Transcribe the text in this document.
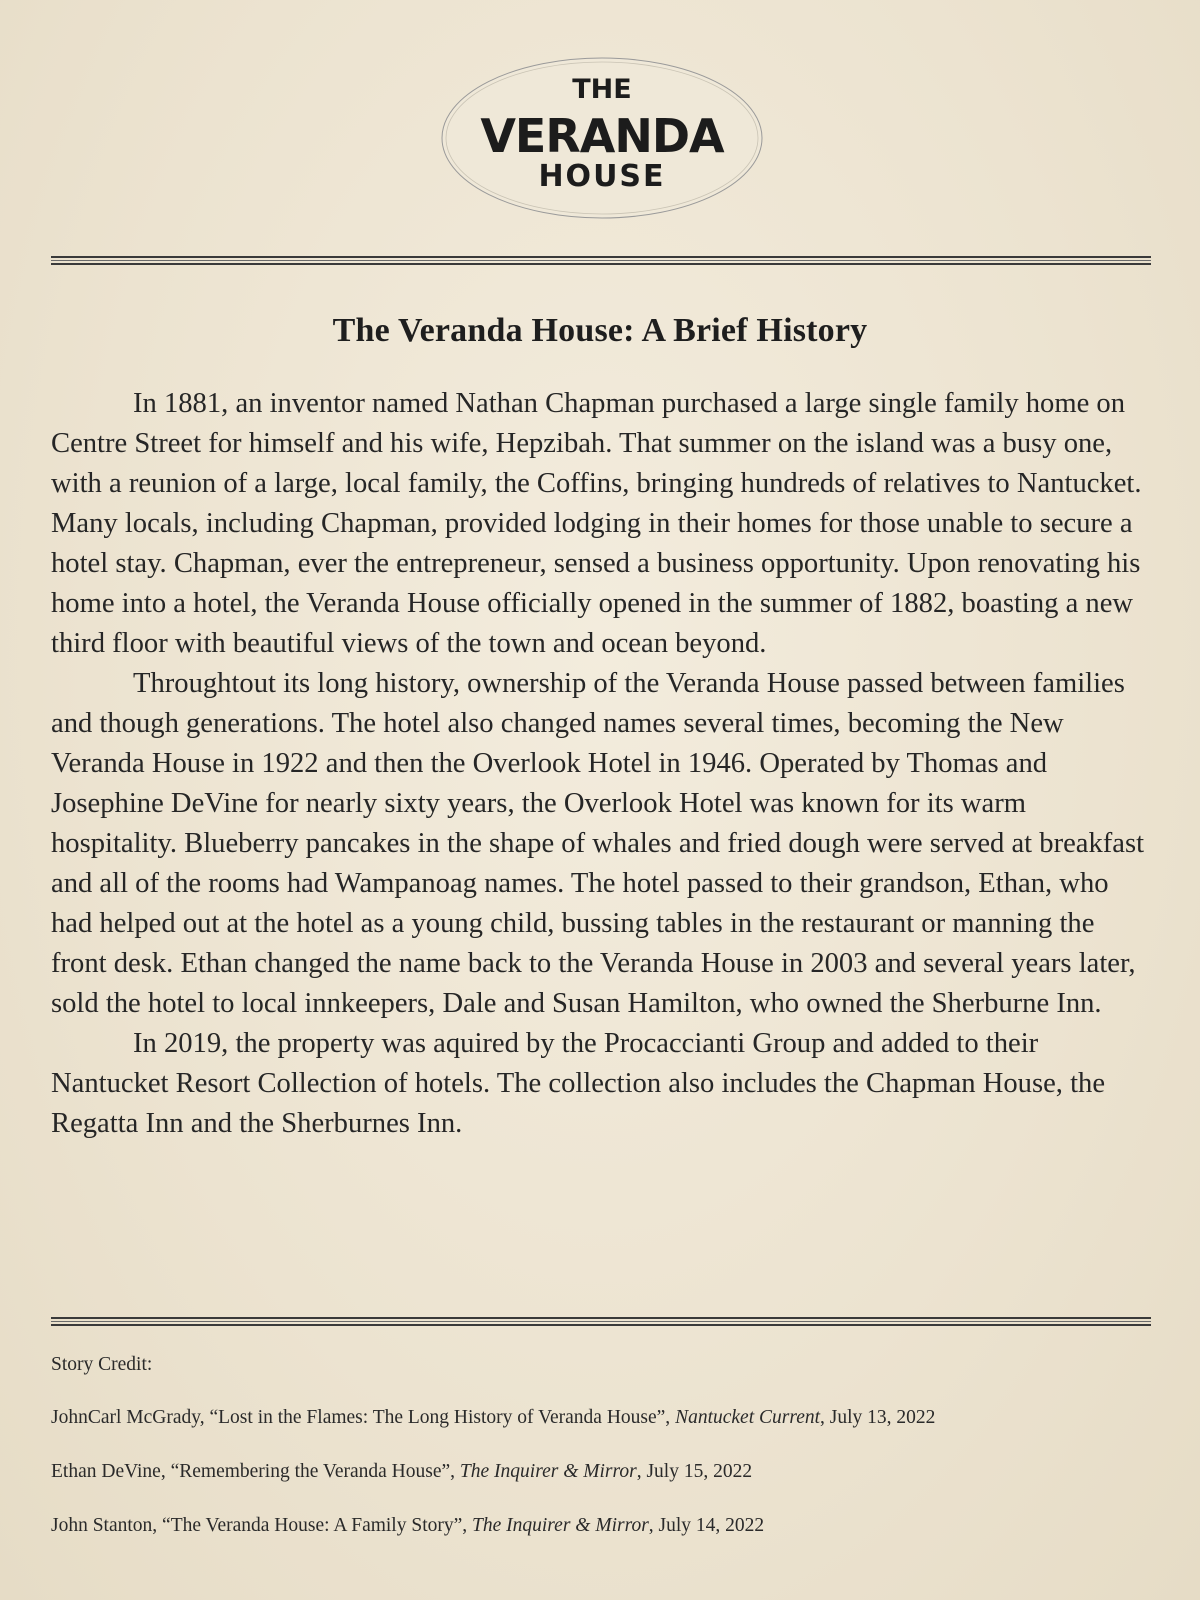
THE
VERANDA
HOUSE
The Veranda House: A Brief History

In 1881, an inventor named Nathan Chapman purchased a large single family home on Centre Street for himself and his wife, Hepzibah. That summer on the island was a busy one, with a reunion of a large, local family, the Coffins, bringing hundreds of relatives to Nantucket. Many locals, including Chapman, provided lodging in their homes for those unable to secure a hotel stay. Chapman, ever the entrepreneur, sensed a business opportunity. Upon renovating his home into a hotel, the Veranda House officially opened in the summer of 1882, boasting a new third floor with beautiful views of the town and ocean beyond.

Throughtout its long history, ownership of the Veranda House passed between families and though generations. The hotel also changed names several times, becoming the New Veranda House in 1922 and then the Overlook Hotel in 1946. Operated by Thomas and Josephine DeVine for nearly sixty years, the Overlook Hotel was known for its warm hospitality. Blueberry pancakes in the shape of whales and fried dough were served at breakfast and all of the rooms had Wampanoag names. The hotel passed to their grandson, Ethan, who had helped out at the hotel as a young child, bussing tables in the restaurant or manning the front desk. Ethan changed the name back to the Veranda House in 2003 and several years later, sold the hotel to local innkeepers, Dale and Susan Hamilton, who owned the Sherburne Inn.

In 2019, the property was aquired by the Procaccianti Group and added to their Nantucket Resort Collection of hotels. The collection also includes the Chapman House, the Regatta Inn and the Sherburnes Inn.

Story Credit:
JohnCarl McGrady, “Lost in the Flames: The Long History of Veranda House”, Nantucket Current, July 13, 2022
Ethan DeVine, “Remembering the Veranda House”, The Inquirer & Mirror, July 15, 2022
John Stanton, “The Veranda House: A Family Story”, The Inquirer & Mirror, July 14, 2022
